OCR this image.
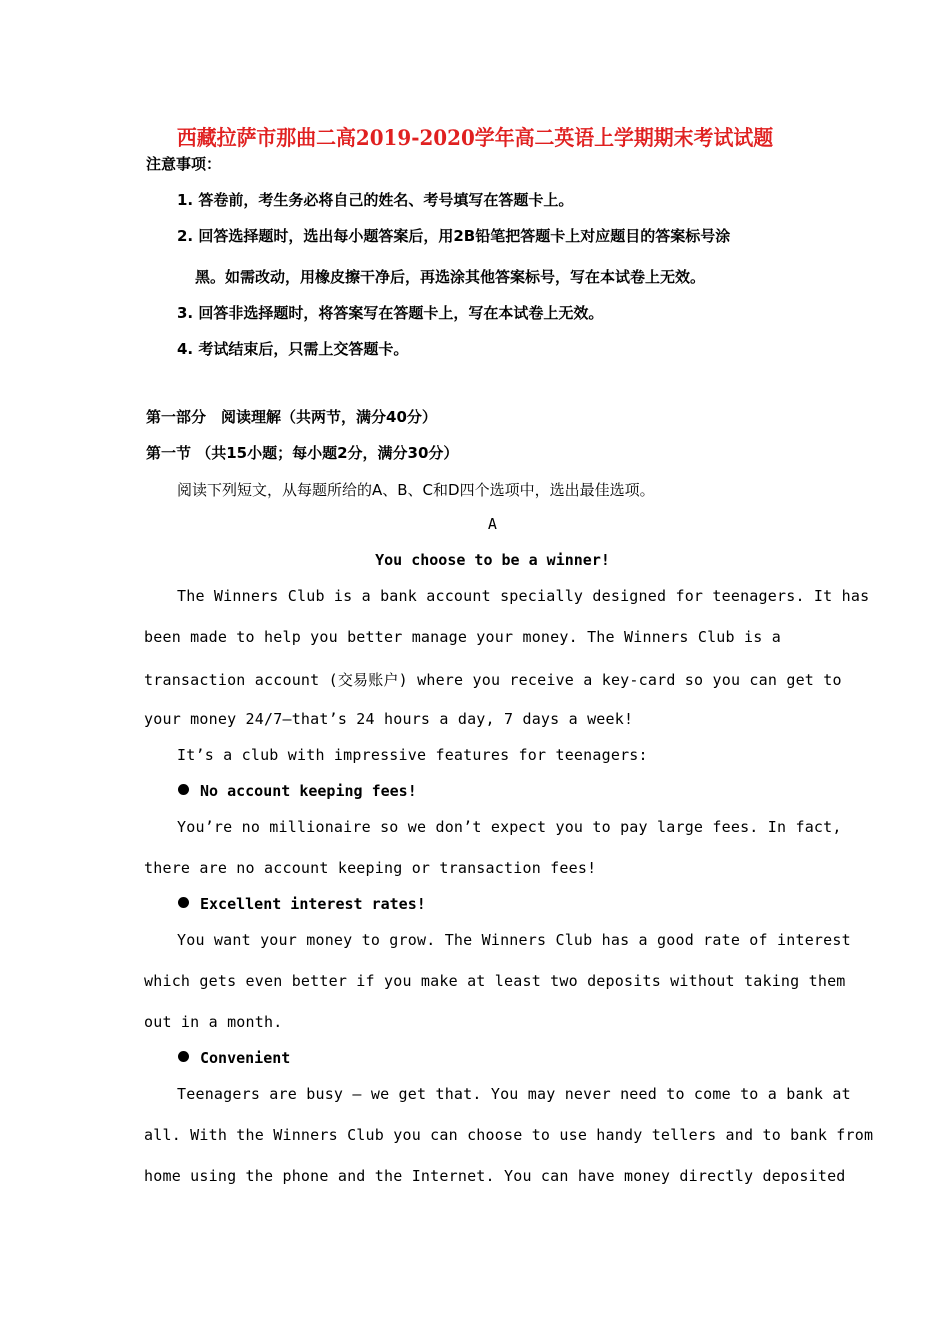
西藏拉萨市那曲二高2019-2020学年高二英语上学期期末考试试题
注意事项：
1. 答卷前，考生务必将自己的姓名、考号填写在答题卡上。
2. 回答选择题时，选出每小题答案后，用2B铅笔把答题卡上对应题目的答案标号涂
黑。如需改动，用橡皮擦干净后，再选涂其他答案标号，写在本试卷上无效。
3. 回答非选择题时，将答案写在答题卡上，写在本试卷上无效。
4. 考试结束后，只需上交答题卡。
第一部分　阅读理解（共两节，满分40分）
第一节 （共15小题；每小题2分，满分30分）
阅读下列短文，从每题所给的A、B、C和D四个选项中，选出最佳选项。
A
You choose to be a winner!
The Winners Club is a bank account specially designed for teenagers. It has
been made to help you better manage your money. The Winners Club is a
transaction account (交易账户) where you receive a key-card so you can get to
your money 24/7—that’s 24 hours a day, 7 days a week!
It’s a club with impressive features for teenagers:
No account keeping fees!
You’re no millionaire so we don’t expect you to pay large fees. In fact,
there are no account keeping or transaction fees!
Excellent interest rates!
You want your money to grow. The Winners Club has a good rate of interest
which gets even better if you make at least two deposits without taking them
out in a month.
Convenient
Teenagers are busy — we get that. You may never need to come to a bank at
all. With the Winners Club you can choose to use handy tellers and to bank from
home using the phone and the Internet. You can have money directly deposited
